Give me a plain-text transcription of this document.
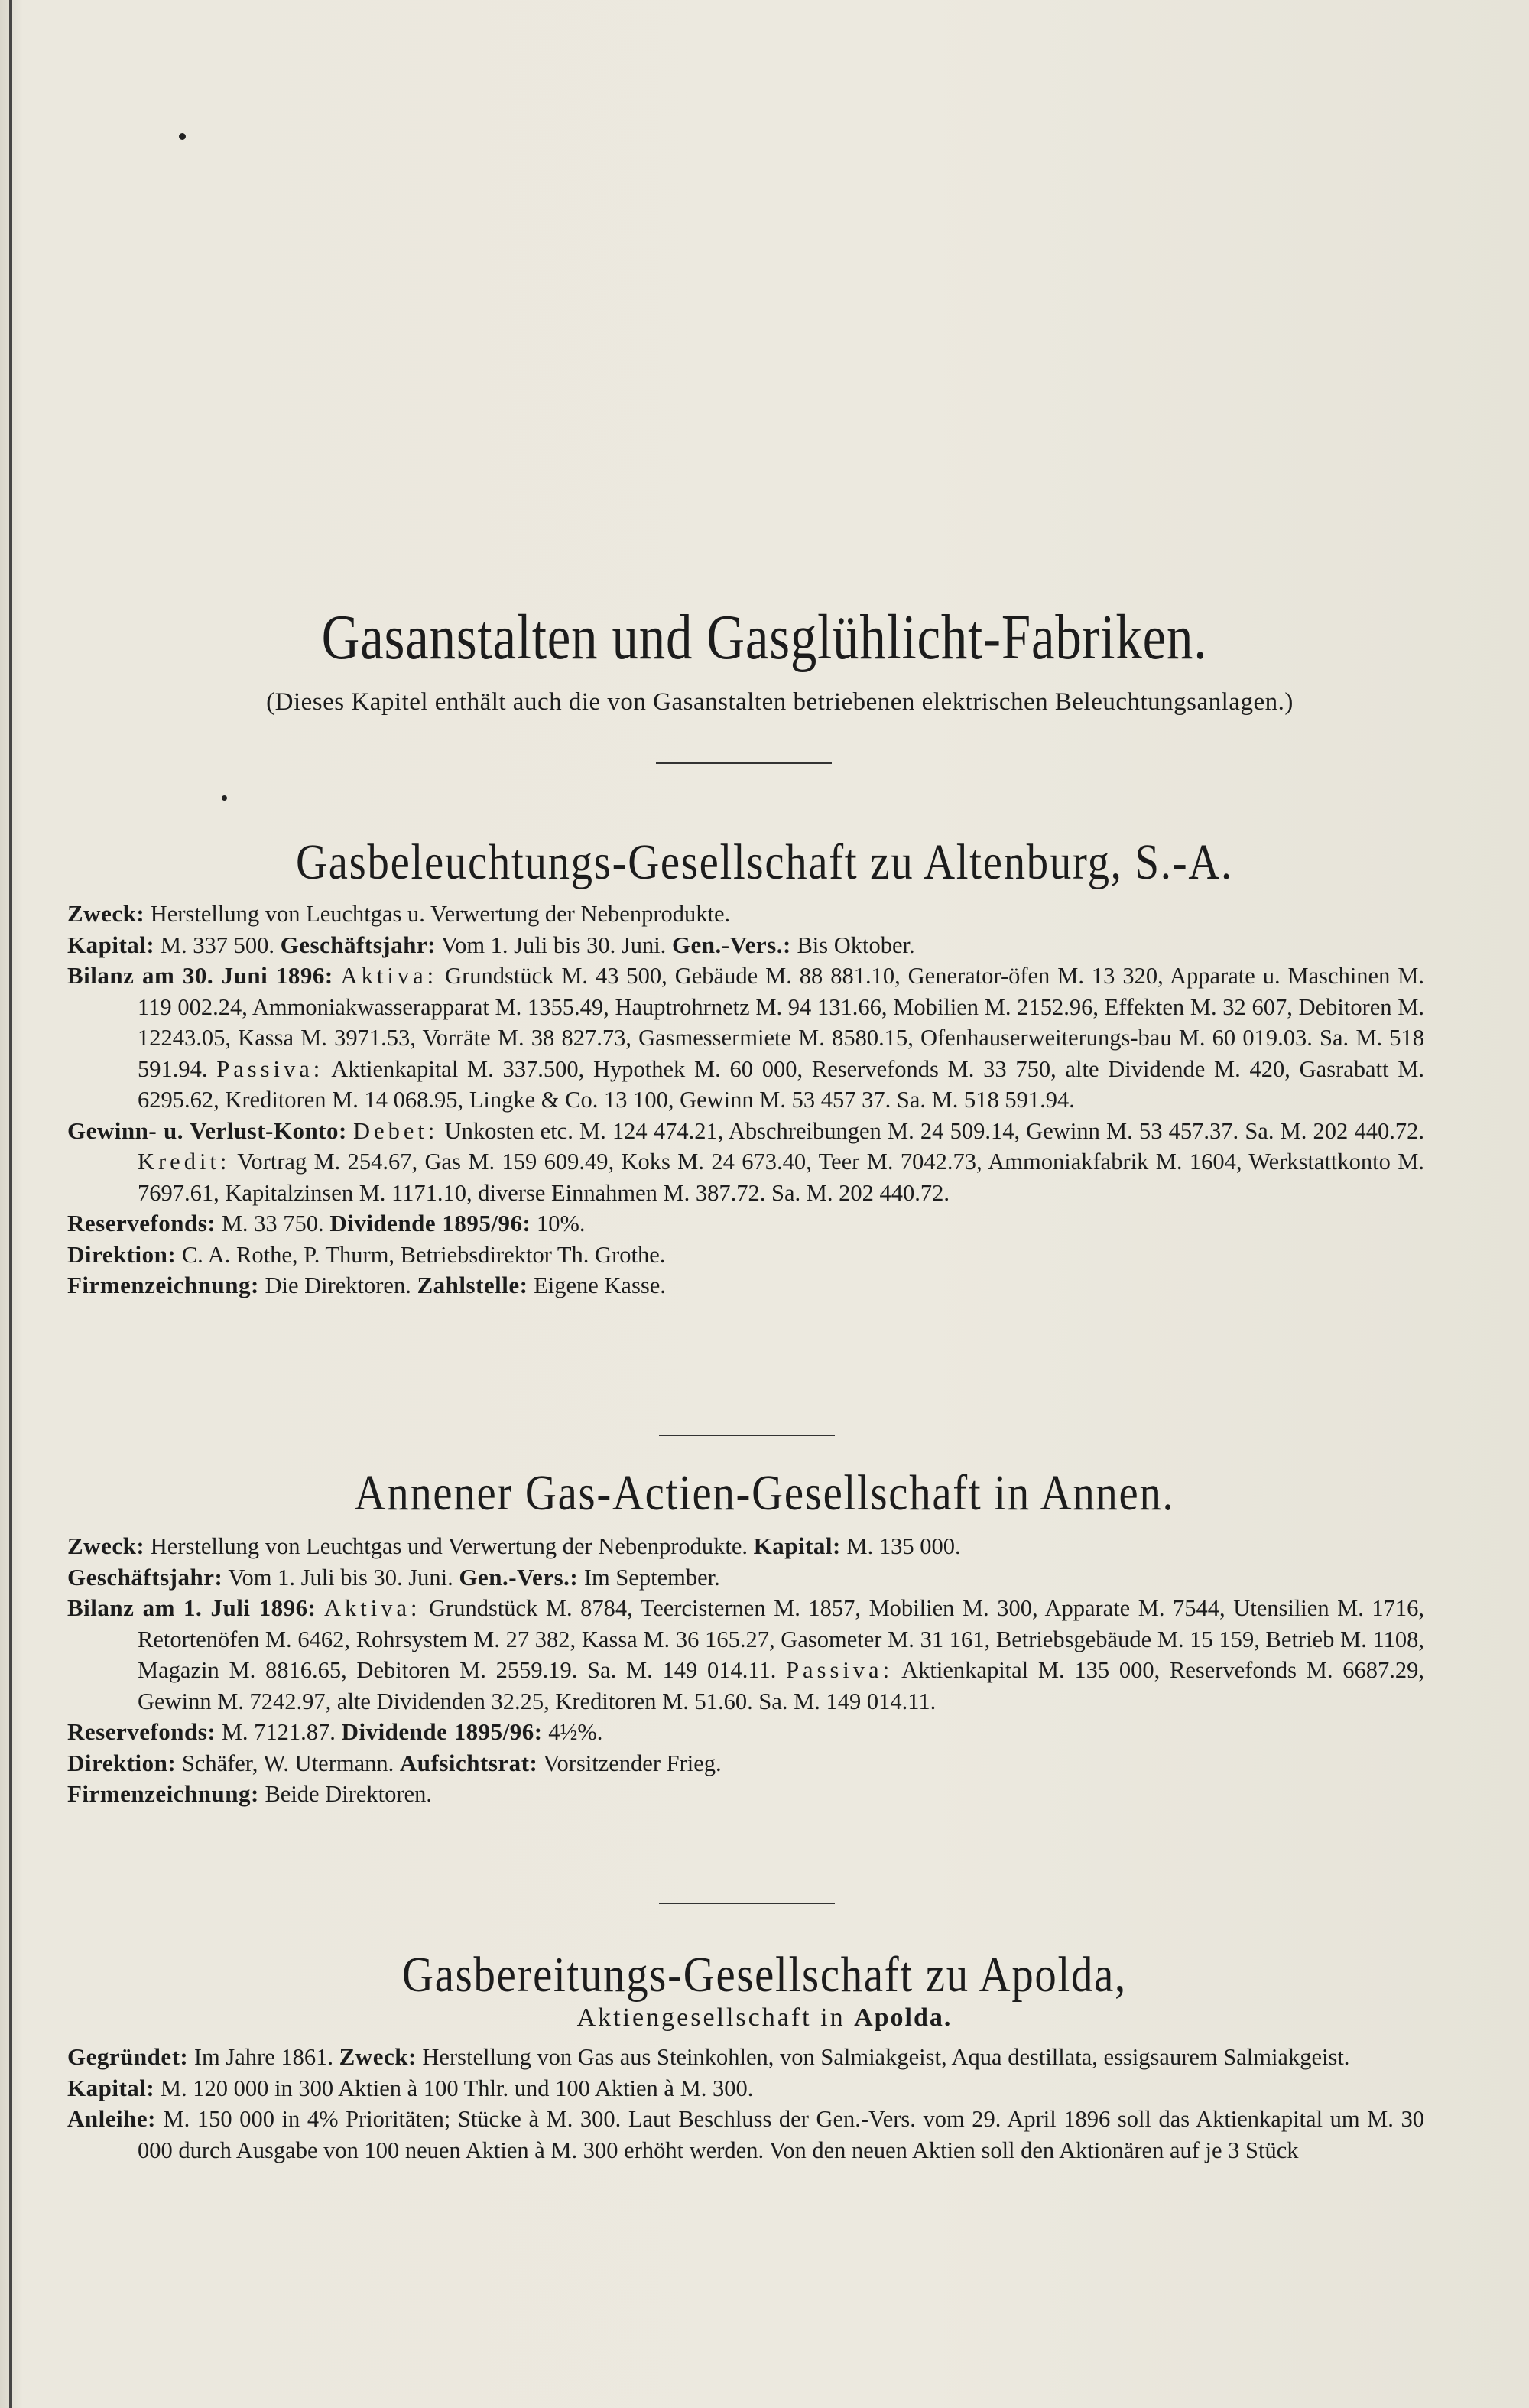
Gasanstalten und Gasglühlicht-Fabriken.
(Dieses Kapitel enthält auch die von Gasanstalten betriebenen elektrischen Beleuchtungsanlagen.)
Gasbeleuchtungs-Gesellschaft zu Altenburg, S.-A.

Zweck: Herstellung von Leuchtgas u. Verwertung der Nebenprodukte.

Kapital: M. 337 500. Geschäftsjahr: Vom 1. Juli bis 30. Juni. Gen.-Vers.: Bis Oktober.

Bilanz am 30. Juni 1896: Aktiva: Grundstück M. 43 500, Gebäude M. 88 881.10, Generator-öfen M. 13 320, Apparate u. Maschinen M. 119 002.24, Ammoniakwasserapparat M. 1355.49, Hauptrohrnetz M. 94 131.66, Mobilien M. 2152.96, Effekten M. 32 607, Debitoren M. 12243.05, Kassa M. 3971.53, Vorräte M. 38 827.73, Gasmessermiete M. 8580.15, Ofenhauserweiterungs-bau M. 60 019.03. Sa. M. 518 591.94. Passiva: Aktienkapital M. 337.500, Hypothek M. 60 000, Reservefonds M. 33 750, alte Dividende M. 420, Gasrabatt M. 6295.62, Kreditoren M. 14 068.95, Lingke & Co. 13 100, Gewinn M. 53 457 37. Sa. M. 518 591.94.

Gewinn- u. Verlust-Konto: Debet: Unkosten etc. M. 124 474.21, Abschreibungen M. 24 509.14, Gewinn M. 53 457.37. Sa. M. 202 440.72. Kredit: Vortrag M. 254.67, Gas M. 159 609.49, Koks M. 24 673.40, Teer M. 7042.73, Ammoniakfabrik M. 1604, Werkstattkonto M. 7697.61, Kapitalzinsen M. 1171.10, diverse Einnahmen M. 387.72. Sa. M. 202 440.72.

Reservefonds: M. 33 750. Dividende 1895/96: 10%.

Direktion: C. A. Rothe, P. Thurm, Betriebsdirektor Th. Grothe.

Firmenzeichnung: Die Direktoren. Zahlstelle: Eigene Kasse.

Annener Gas-Actien-Gesellschaft in Annen.

Zweck: Herstellung von Leuchtgas und Verwertung der Nebenprodukte. Kapital: M. 135 000.

Geschäftsjahr: Vom 1. Juli bis 30. Juni. Gen.-Vers.: Im September.

Bilanz am 1. Juli 1896: Aktiva: Grundstück M. 8784, Teercisternen M. 1857, Mobilien M. 300, Apparate M. 7544, Utensilien M. 1716, Retortenöfen M. 6462, Rohrsystem M. 27 382, Kassa M. 36 165.27, Gasometer M. 31 161, Betriebsgebäude M. 15 159, Betrieb M. 1108, Magazin M. 8816.65, Debitoren M. 2559.19. Sa. M. 149 014.11. Passiva: Aktienkapital M. 135 000, Reservefonds M. 6687.29, Gewinn M. 7242.97, alte Dividenden 32.25, Kreditoren M. 51.60. Sa. M. 149 014.11.

Reservefonds: M. 7121.87. Dividende 1895/96: 4½%.

Direktion: Schäfer, W. Utermann. Aufsichtsrat: Vorsitzender Frieg.

Firmenzeichnung: Beide Direktoren.

Gasbereitungs-Gesellschaft zu Apolda,
Aktiengesellschaft in Apolda.

Gegründet: Im Jahre 1861. Zweck: Herstellung von Gas aus Steinkohlen, von Salmiakgeist, Aqua destillata, essigsaurem Salmiakgeist.

Kapital: M. 120 000 in 300 Aktien à 100 Thlr. und 100 Aktien à M. 300.

Anleihe: M. 150 000 in 4% Prioritäten; Stücke à M. 300. Laut Beschluss der Gen.-Vers. vom 29. April 1896 soll das Aktienkapital um M. 30 000 durch Ausgabe von 100 neuen Aktien à M. 300 erhöht werden. Von den neuen Aktien soll den Aktionären auf je 3 Stück
